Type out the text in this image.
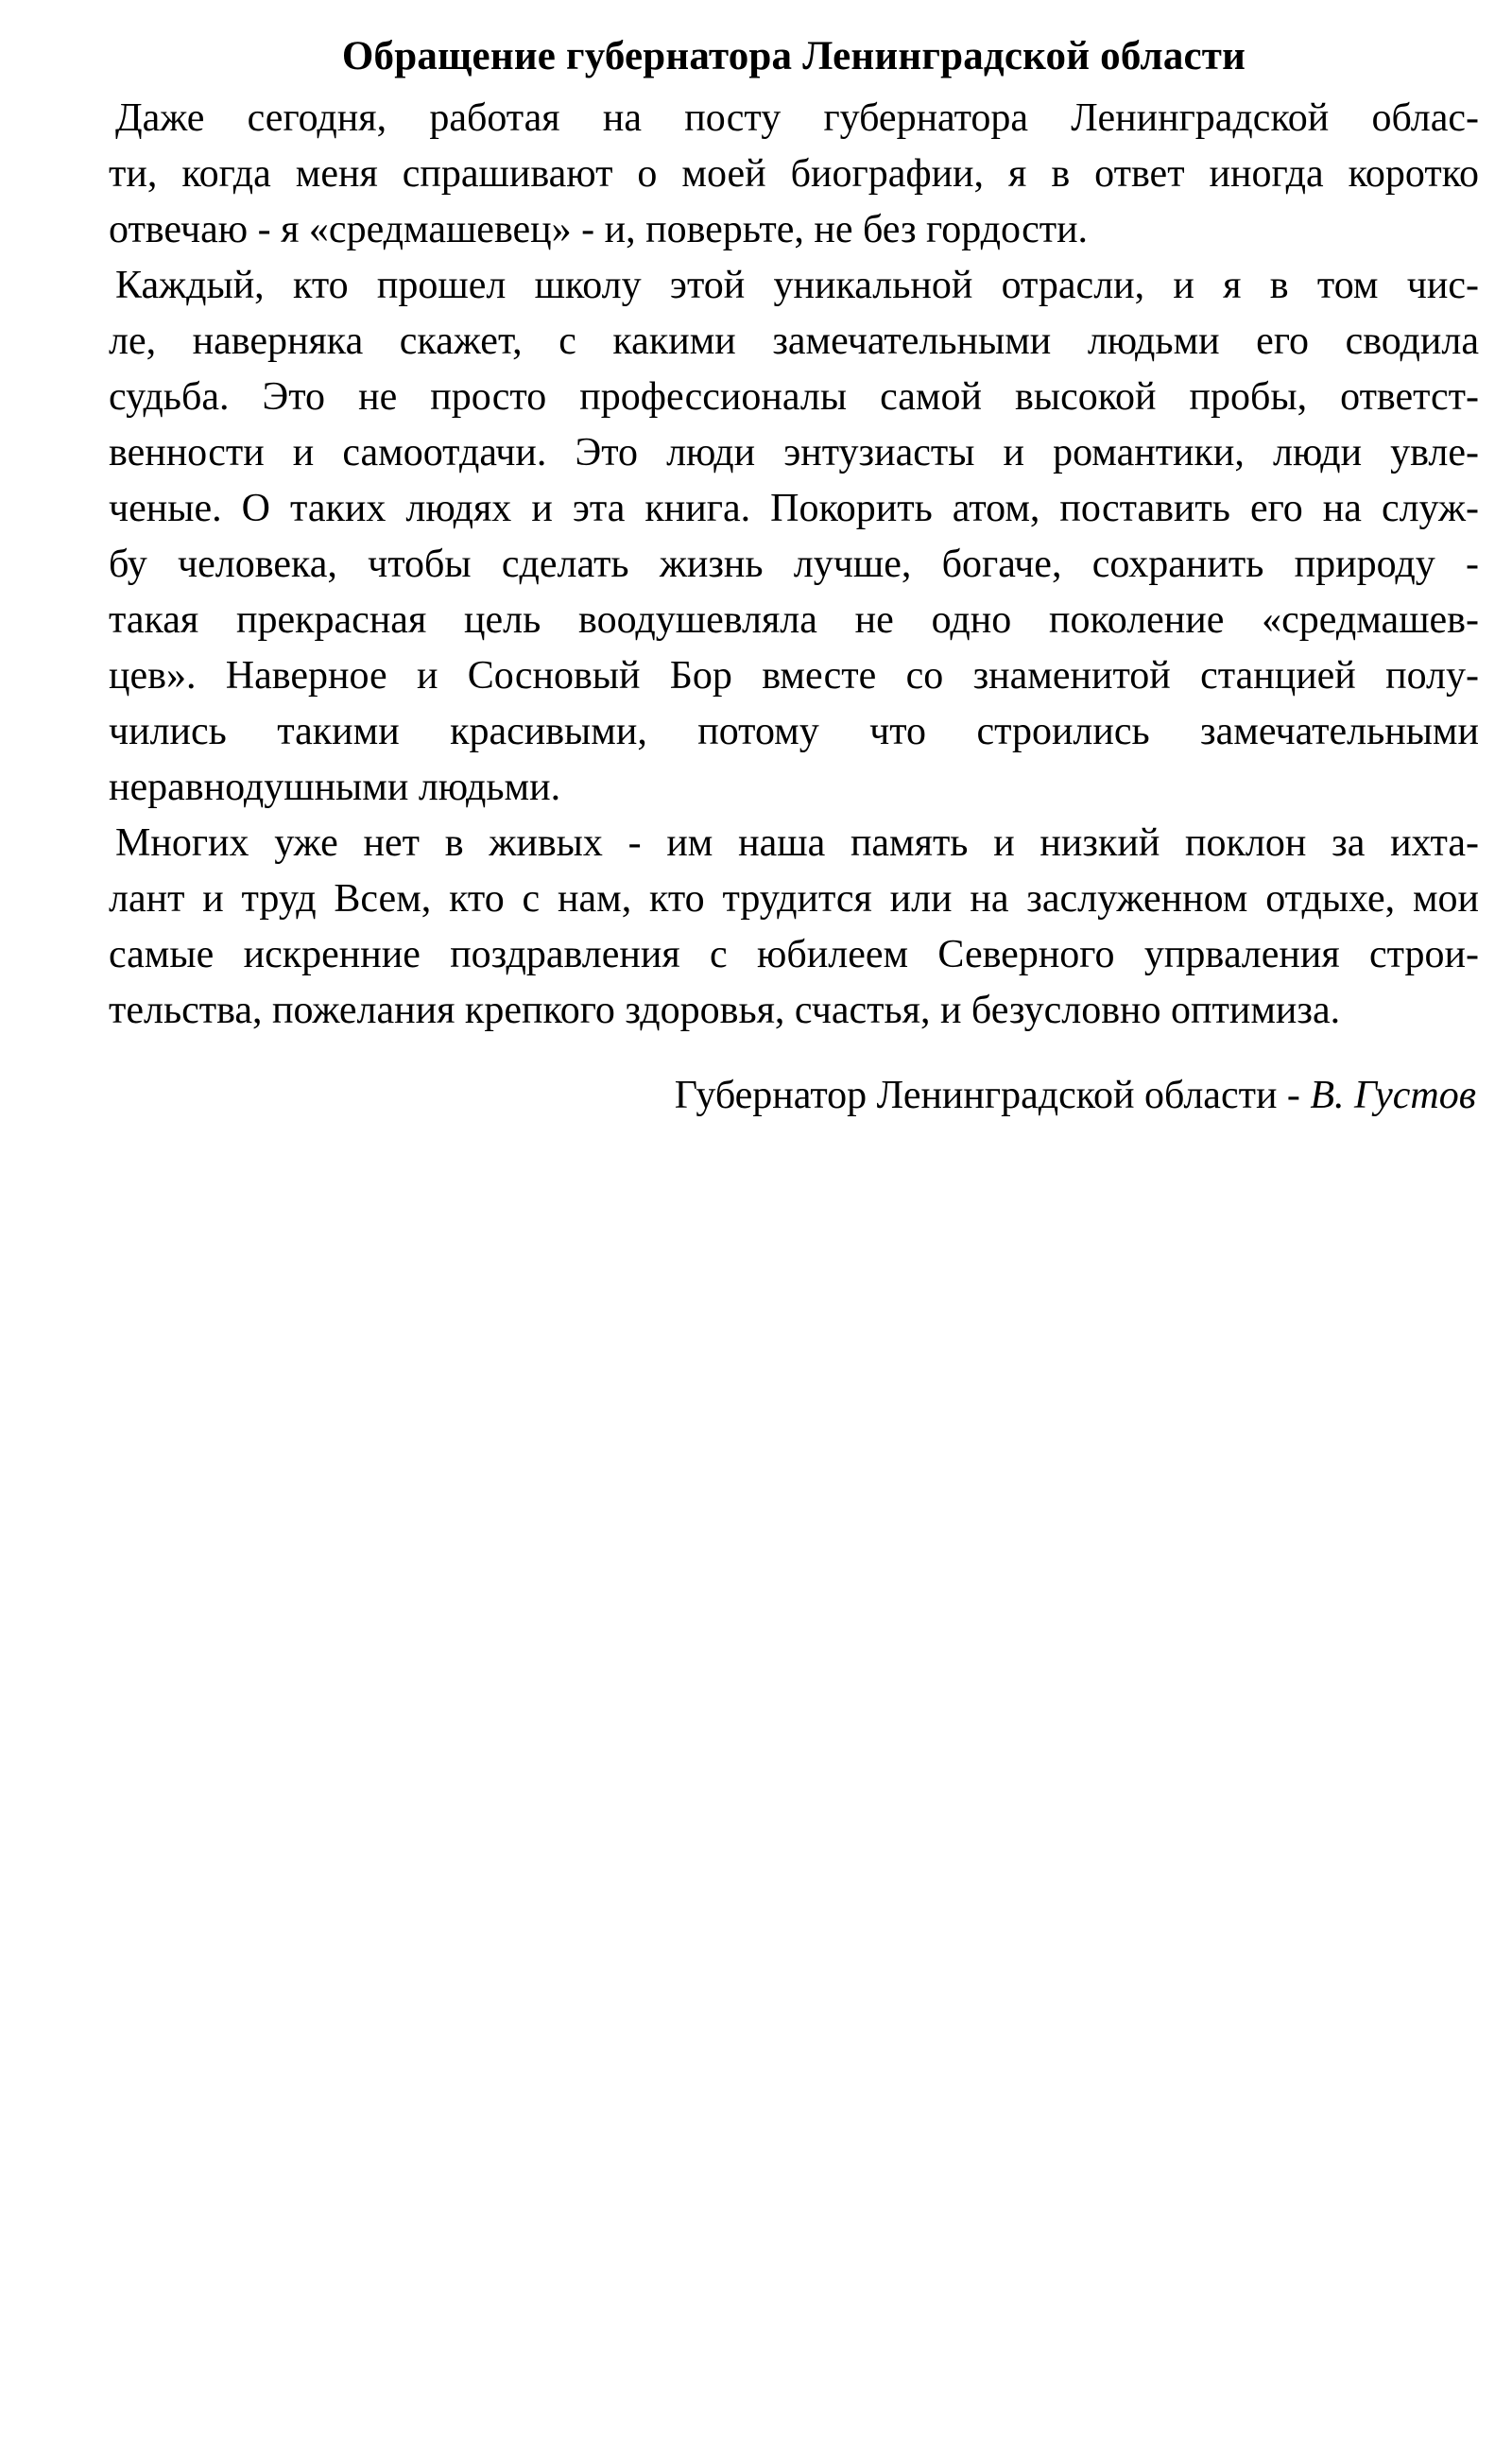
Обращение губернатора Ленинградской области
Даже сегодня, работая на посту губернатора Ленинградской облас-
ти, когда меня спрашивают о моей биографии, я в ответ иногда коротко
отвечаю - я «средмашевец» - и, поверьте, не без гордости.
Каждый, кто прошел школу этой уникальной отрасли, и я в том чис-
ле, наверняка скажет, с какими замечательными людьми его сводила
судьба. Это не просто профессионалы самой высокой пробы, ответст-
венности и самоотдачи. Это люди энтузиасты и романтики, люди увле-
ченые. О таких людях и эта книга. Покорить атом, поставить его на служ-
бу человека, чтобы сделать жизнь лучше, богаче, сохранить природу -
такая прекрасная цель воодушевляла не одно поколение «средмашев-
цев». Наверное и Сосновый Бор вместе со знаменитой станцией полу-
чились такими красивыми, потому что строились замечательными
неравнодушными людьми.
Многих уже нет в живых - им наша память и низкий поклон за ихта-
лант и труд Всем, кто с нам, кто трудится или на заслуженном отдыхе, мои
самые искренние поздравления с юбилеем Северного упрвaления строи-
тельства, пожелания крепкого здоровья, счастья, и безусловно оптимиза.
Губернатор Ленинградской области - В. Густов
